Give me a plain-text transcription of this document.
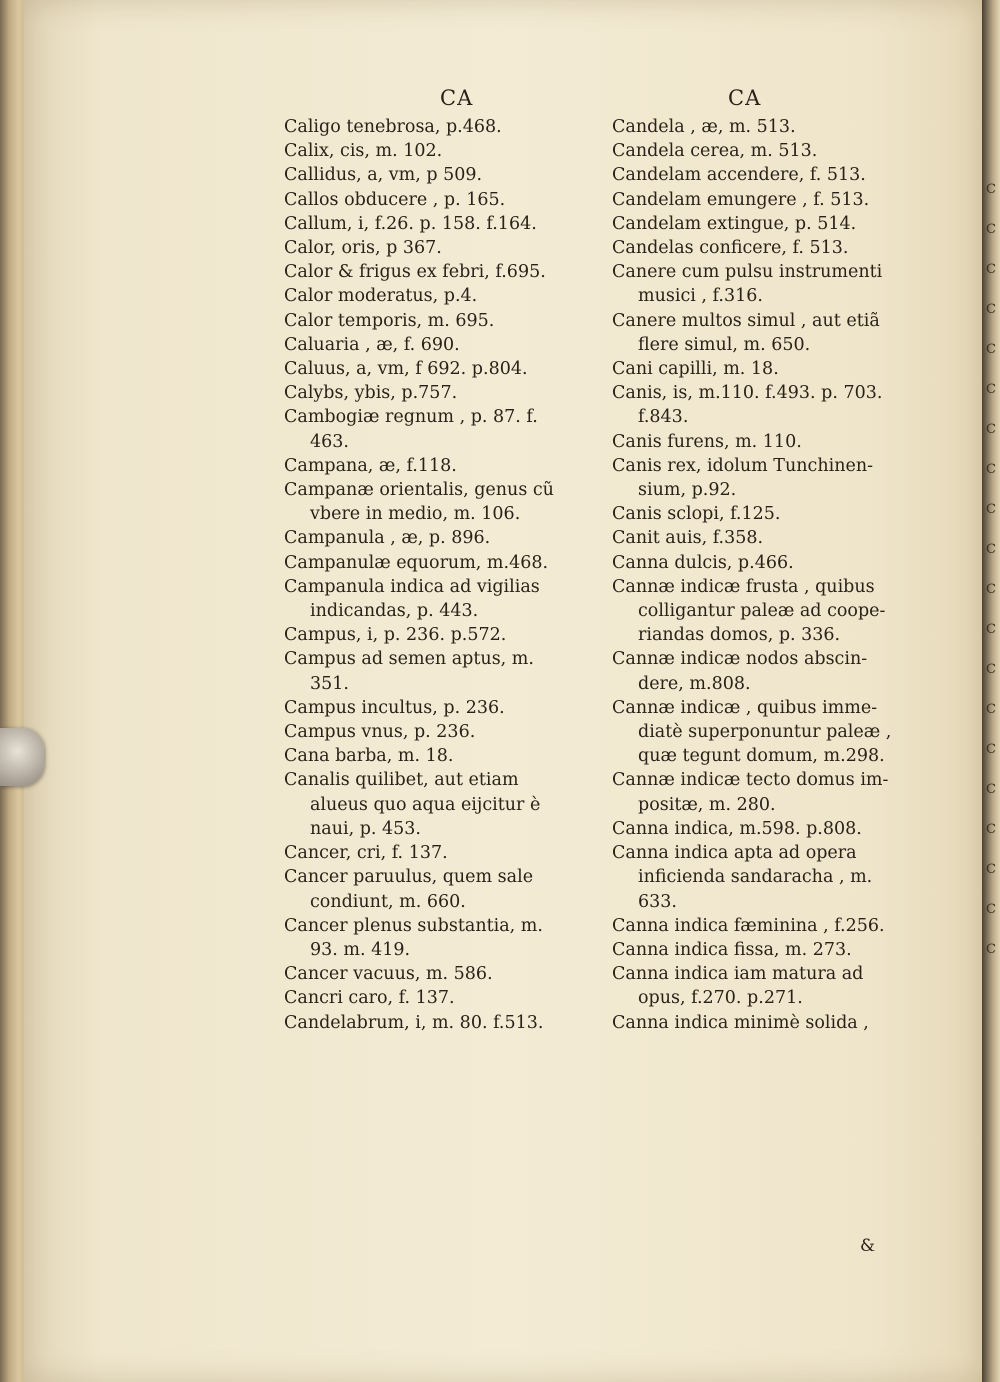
C
C
C
C
C
C
C
C
C
C
C
C
C
C
C
C
C
C
C
C
CA	CA
Caligo tenebrosa, p.468.
Calix, cis, m. 102.
Callidus, a, vm, p 509.
Callos obducere , p. 165.
Callum, i, f.26. p. 158. f.164.
Calor, oris, p 367.
Calor & frigus ex febri, f.695.
Calor moderatus, p.4.
Calor temporis, m. 695.
Caluaria , æ, f. 690.
Caluus, a, vm, f 692. p.804.
Calybs, ybis, p.757.
Cambogiæ regnum , p. 87. f.
463.
Campana, æ, f.118.
Campanæ orientalis, genus cũ
vbere in medio, m. 106.
Campanula , æ, p. 896.
Campanulæ equorum, m.468.
Campanula indica ad vigilias
indicandas, p. 443.
Campus, i, p. 236. p.572.
Campus ad semen aptus, m.
351.
Campus incultus, p. 236.
Campus vnus, p. 236.
Cana barba, m. 18.
Canalis quilibet, aut etiam
alueus quo aqua eijcitur è
naui, p. 453.
Cancer, cri, f. 137.
Cancer paruulus, quem sale
condiunt, m. 660.
Cancer plenus substantia, m.
93. m. 419.
Cancer vacuus, m. 586.
Cancri caro, f. 137.
Candelabrum, i, m. 80. f.513.
Candela , æ, m. 513.
Candela cerea, m. 513.
Candelam accendere, f. 513.
Candelam emungere , f. 513.
Candelam extingue, p. 514.
Candelas conficere, f. 513.
Canere cum pulsu instrumenti
musici , f.316.
Canere multos simul , aut etiã
flere simul, m. 650.
Cani capilli, m. 18.
Canis, is, m.110. f.493. p. 703.
f.843.
Canis furens, m. 110.
Canis rex, idolum Tunchinen-
sium, p.92.
Canis sclopi, f.125.
Canit auis, f.358.
Canna dulcis, p.466.
Cannæ indicæ frusta , quibus
colligantur paleæ ad coope-
riandas domos, p. 336.
Cannæ indicæ nodos abscin-
dere, m.808.
Cannæ indicæ , quibus imme-
diatè superponuntur paleæ ,
quæ tegunt domum, m.298.
Cannæ indicæ tecto domus im-
positæ, m. 280.
Canna indica, m.598. p.808.
Canna indica apta ad opera
inficienda sandaracha , m.
633.
Canna indica fæminina , f.256.
Canna indica fissa, m. 273.
Canna indica iam matura ad
opus, f.270. p.271.
Canna indica minimè solida ,
&
